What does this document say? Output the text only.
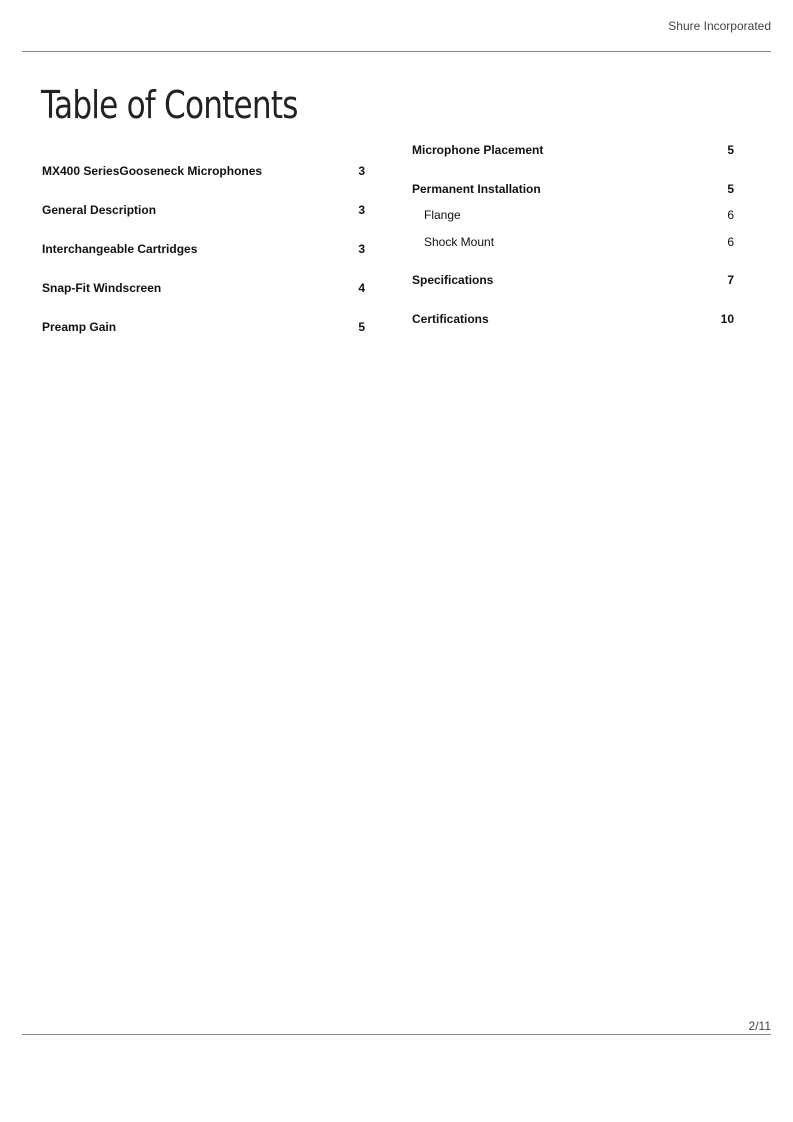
Shure Incorporated
Table of Contents
MX400 SeriesGooseneck Microphones	3
General Description	3
Interchangeable Cartridges	3
Snap-Fit Windscreen	4
Preamp Gain	5
Microphone Placement	5
Permanent Installation	5
Flange	6
Shock Mount	6
Specifications	7
Certifications	10
2/11
